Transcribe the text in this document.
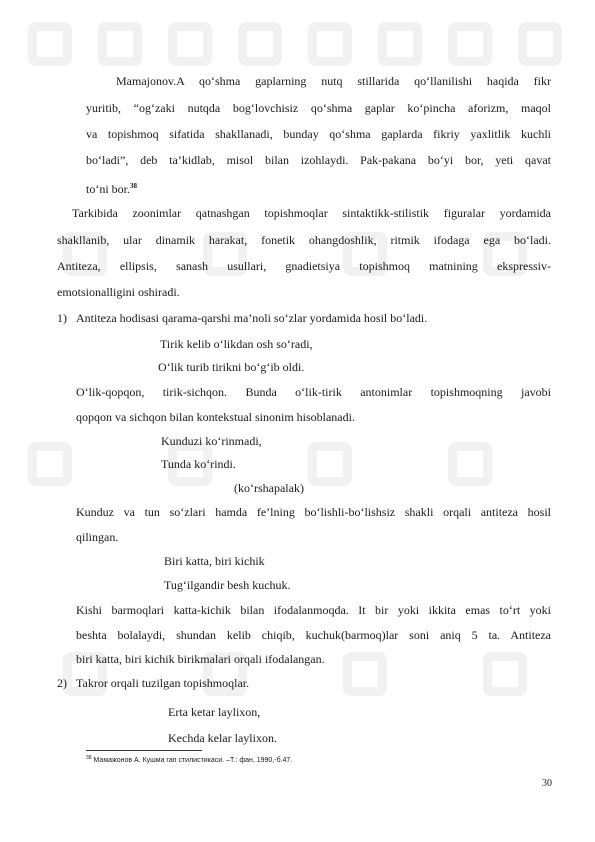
Mamajonov.A qo‘shma gaplarning nutq stillarida qo‘llanilishi haqida fikr
yuritib, “og‘zaki nutqda bog‘lovchisiz qo‘shma gaplar ko‘pincha aforizm, maqol
va topishmoq sifatida shakllanadi, bunday qo‘shma gaplarda fikriy yaxlitlik kuchli
bo‘ladi”, deb ta’kidlab, misol bilan izohlaydi. Pak-pakana bo‘yi bor, yeti qavat
to‘ni bor.$^{38}$
Tarkibida zoonimlar qatnashgan topishmoqlar sintaktikk-stilistik figuralar yordamida
shakllanib, ular dinamik harakat, fonetik ohangdoshlik, ritmik ifodaga ega bo‘ladi.
Antiteza, ellipsis, sanash usullari, gnadietsiya topishmoq matnining ekspressiv-
emotsionalligini oshiradi.
1) Antiteza hodisasi qarama-qarshi ma’noli so‘zlar yordamida hosil bo‘ladi.
Tirik kelib o‘likdan osh so‘radi,
O‘lik turib tirikni bo‘g‘ib oldi.
O‘lik-qopqon, tirik-sichqon. Bunda o‘lik-tirik antonimlar topishmoqning javobi
qopqon va sichqon bilan kontekstual sinonim hisoblanadi.
Kunduzi ko‘rinmadi,
Tunda ko‘rindi.
(ko‘rshapalak)
Kunduz va tun so‘zlari hamda fe’lning bo‘lishli-bo‘lishsiz shakli orqali antiteza hosil
qilingan.
Biri katta, biri kichik
Tug‘ilgandir besh kuchuk.
Kishi barmoqlari katta-kichik bilan ifodalanmoqda. It bir yoki ikkita emas to‘rt yoki
beshta bolalaydi, shundan kelib chiqib, kuchuk(barmoq)lar soni aniq 5 ta. Antiteza
biri katta, biri kichik birikmalari orqali ifodalangan.
2) Takror orqali tuzilgan topishmoqlar.
Erta ketar laylixon,
Kechda kelar laylixon.
$^{38}$ Мамажонов А. Кушма гап стилистикаси. –Т.: фан, 1990,-б.47.
30
